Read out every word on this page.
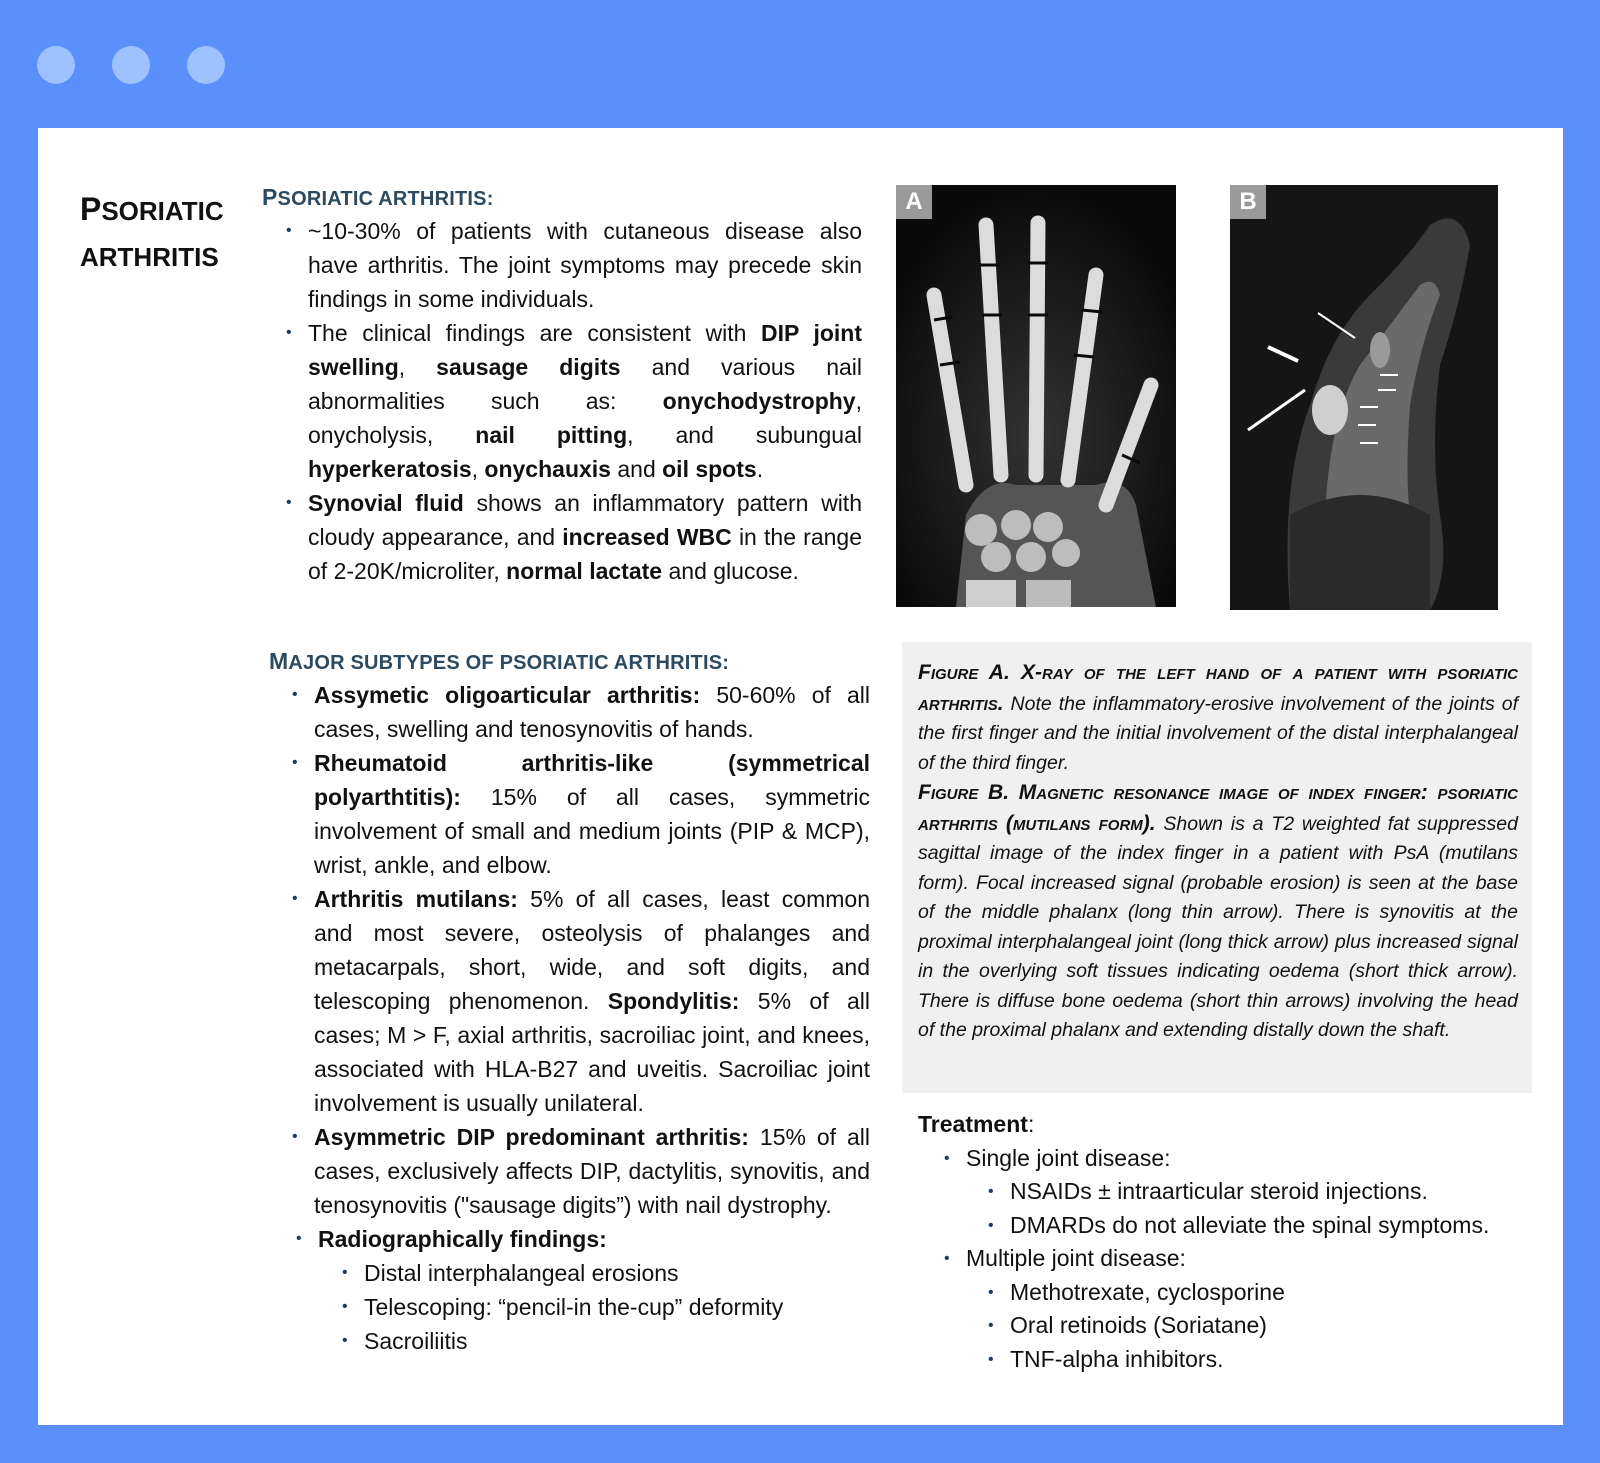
PSORIATIC
ARTHRITIS
PSORIATIC ARTHRITIS:
• ~10-30% of patients with cutaneous disease also have arthritis. The joint symptoms may precede skin findings in some individuals.
• The clinical findings are consistent with DIP joint swelling, sausage digits and various nail abnormalities such as: onychodystrophy, onycholysis, nail pitting, and subungual hyperkeratosis, onychauxis and oil spots.
• Synovial fluid shows an inflammatory pattern with cloudy appearance, and increased WBC in the range of 2-20K/microliter, normal lactate and glucose.
MAJOR SUBTYPES OF PSORIATIC ARTHRITIS:
• Assymetic oligoarticular arthritis: 50-60% of all cases, swelling and tenosynovitis of hands.
• Rheumatoid arthritis-like (symmetrical polyarthtitis): 15% of all cases, symmetric involvement of small and medium joints (PIP & MCP), wrist, ankle, and elbow.
• Arthritis mutilans: 5% of all cases, least common and most severe, osteolysis of phalanges and metacarpals, short, wide, and soft digits, and telescoping phenomenon. Spondylitis: 5% of all cases; M > F, axial arthritis, sacroiliac joint, and knees, associated with HLA-B27 and uveitis. Sacroiliac joint involvement is usually unilateral.
• Asymmetric DIP predominant arthritis: 15% of all cases, exclusively affects DIP, dactylitis, synovitis, and tenosynovitis ("sausage digits”) with nail dystrophy.
• Radiographically findings:
• Distal interphalangeal erosions
• Telescoping: “pencil-in the-cup” deformity
• Sacroiliitis
A	B
Figure A. X-ray of the left hand of a patient with psoriatic arthritis. Note the inflammatory-erosive involvement of the joints of the first finger and the initial involvement of the distal interphalangeal of the third finger.
Figure B. Magnetic resonance image of index finger: psoriatic arthritis (mutilans form). Shown is a T2 weighted fat suppressed sagittal image of the index finger in a patient with PsA (mutilans form). Focal increased signal (probable erosion) is seen at the base of the middle phalanx (long thin arrow). There is synovitis at the proximal interphalangeal joint (long thick arrow) plus increased signal in the overlying soft tissues indicating oedema (short thick arrow). There is diffuse bone oedema (short thin arrows) involving the head of the proximal phalanx and extending distally down the shaft.
Treatment:
• Single joint disease:
• NSAIDs ± intraarticular steroid injections.
• DMARDs do not alleviate the spinal symptoms.
• Multiple joint disease:
• Methotrexate, cyclosporine
• Oral retinoids (Soriatane)
• TNF-alpha inhibitors.
